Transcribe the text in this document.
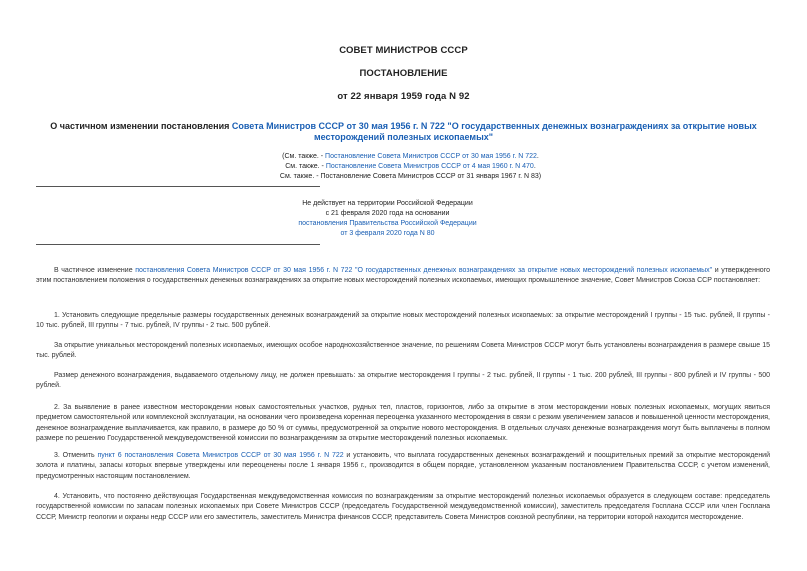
СОВЕТ МИНИСТРОВ СССР
ПОСТАНОВЛЕНИЕ
от 22 января 1959 года N 92
О частичном изменении постановления Совета Министров СССР от 30 мая 1956 г. N 722 "О государственных денежных вознаграждениях за открытие новых
месторождений полезных ископаемых"
(См. также. - Постановление Совета Министров СССР от 30 мая 1956 г. N 722.
См. также. - Постановление Совета Министров СССР от 4 мая 1960 г. N 470.
См. также. - Постановление Совета Министров СССР от 31 января 1967 г. N 83)
Не действует на территории Российской Федерации
с 21 февраля 2020 года на основании
постановления Правительства Российской Федерации
от 3 февраля 2020 года N 80
В частичное изменение постановления Совета Министров СССР от 30 мая 1956 г. N 722 "О государственных денежных вознаграждениях за открытие новых месторождений полезных ископаемых" и утвержденного этим постановлением положения о государственных денежных вознаграждениях за открытие новых месторождений полезных ископаемых, имеющих промышленное значение, Совет Министров Союза ССР постановляет:
1. Установить следующие предельные размеры государственных денежных вознаграждений за открытие новых месторождений полезных ископаемых: за открытие месторождений I группы - 15 тыс. рублей, II группы - 10 тыс. рублей, III группы - 7 тыс. рублей, IV группы - 2 тыс. 500 рублей.
За открытие уникальных месторождений полезных ископаемых, имеющих особое народнохозяйственное значение, по решениям Совета Министров СССР могут быть установлены вознаграждения в размере свыше 15 тыс. рублей.
Размер денежного вознаграждения, выдаваемого отдельному лицу, не должен превышать: за открытие месторождения I группы - 2 тыс. рублей, II группы - 1 тыс. 200 рублей, III группы - 800 рублей и IV группы - 500 рублей.
2. За выявление в ранее известном месторождении новых самостоятельных участков, рудных тел, пластов, горизонтов, либо за открытие в этом месторождении новых полезных ископаемых, могущих явиться предметом самостоятельной или комплексной эксплуатации, на основании чего произведена коренная переоценка указанного месторождения в связи с резким увеличением запасов и повышенной ценности месторождения, денежное вознаграждение выплачивается, как правило, в размере до 50 % от суммы, предусмотренной за открытие нового месторождения. В отдельных случаях денежные вознаграждения могут быть выплачены в полном размере по решению Государственной междуведомственной комиссии по вознаграждениям за открытие месторождений полезных ископаемых.
3. Отменить пункт 6 постановления Совета Министров СССР от 30 мая 1956 г. N 722 и установить, что выплата государственных денежных вознаграждений и поощрительных премий за открытие месторождений золота и платины, запасы которых впервые утверждены или переоценены после 1 января 1956 г., производится в общем порядке, установленном указанным постановлением Правительства СССР, с учетом изменений, предусмотренных настоящим постановлением.
4. Установить, что постоянно действующая Государственная междуведомственная комиссия по вознаграждениям за открытие месторождений полезных ископаемых образуется в следующем составе: председатель государственной комиссии по запасам полезных ископаемых при Совете Министров СССР (председатель Государственной междуведомственной комиссии), заместитель председателя Госплана СССР или член Госплана СССР, Министр геологии и охраны недр СССР или его заместитель, заместитель Министра финансов СССР, представитель Совета Министров союзной республики, на территории которой находится месторождение.
